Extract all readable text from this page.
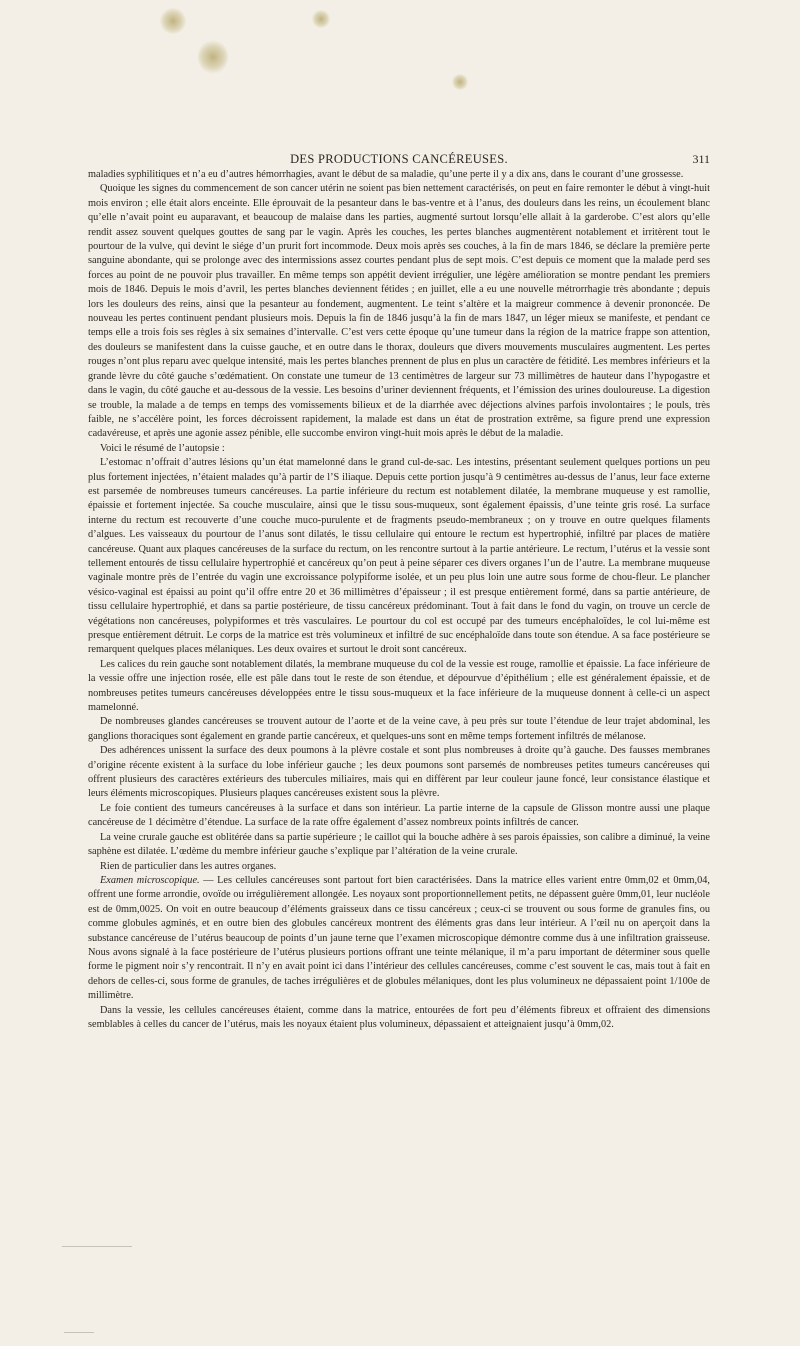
DES PRODUCTIONS CANCÉREUSES.	311

maladies syphilitiques et n’a eu d’autres hémorrhagies, avant le début de sa maladie, qu’une perte il y a dix ans, dans le courant d’une grossesse.

Quoique les signes du commencement de son cancer utérin ne soient pas bien nettement caractérisés, on peut en faire remonter le début à vingt-huit mois environ ; elle était alors enceinte. Elle éprouvait de la pesanteur dans le bas-ventre et à l’anus, des douleurs dans les reins, un écoulement blanc qu’elle n’avait point eu auparavant, et beaucoup de malaise dans les parties, augmenté surtout lorsqu’elle allait à la garderobe. C’est alors qu’elle rendit assez souvent quelques gouttes de sang par le vagin. Après les couches, les pertes blanches augmentèrent notablement et irritèrent tout le pourtour de la vulve, qui devint le siége d’un prurit fort incommode. Deux mois après ses couches, à la fin de mars 1846, se déclare la première perte sanguine abondante, qui se prolonge avec des intermissions assez courtes pendant plus de sept mois. C’est depuis ce moment que la malade perd ses forces au point de ne pouvoir plus travailler. En même temps son appétit devient irrégulier, une légère amélioration se montre pendant les premiers mois de 1846. Depuis le mois d’avril, les pertes blanches deviennent fétides ; en juillet, elle a eu une nouvelle métrorrhagie très abondante ; depuis lors les douleurs des reins, ainsi que la pesanteur au fondement, augmentent. Le teint s’altère et la maigreur commence à devenir prononcée. De nouveau les pertes continuent pendant plusieurs mois. Depuis la fin de 1846 jusqu’à la fin de mars 1847, un léger mieux se manifeste, et pendant ce temps elle a trois fois ses règles à six semaines d’intervalle. C’est vers cette époque qu’une tumeur dans la région de la matrice frappe son attention, des douleurs se manifestent dans la cuisse gauche, et en outre dans le thorax, douleurs que divers mouvements musculaires augmentent. Les pertes rouges n’ont plus reparu avec quelque intensité, mais les pertes blanches prennent de plus en plus un caractère de fétidité. Les membres inférieurs et la grande lèvre du côté gauche s’œdématient. On constate une tumeur de 13 centimètres de largeur sur 73 millimètres de hauteur dans l’hypogastre et dans le vagin, du côté gauche et au-dessous de la vessie. Les besoins d’uriner deviennent fréquents, et l’émission des urines douloureuse. La digestion se trouble, la malade a de temps en temps des vomissements bilieux et de la diarrhée avec déjections alvines parfois involontaires ; le pouls, très faible, ne s’accélère point, les forces décroissent rapidement, la malade est dans un état de prostration extrême, sa figure prend une expression cadavéreuse, et après une agonie assez pénible, elle succombe environ vingt-huit mois après le début de la maladie.

Voici le résumé de l’autopsie :

L’estomac n’offrait d’autres lésions qu’un état mamelonné dans le grand cul-de-sac. Les intestins, présentant seulement quelques portions un peu plus fortement injectées, n’étaient malades qu’à partir de l’S iliaque. Depuis cette portion jusqu’à 9 centimètres au-dessus de l’anus, leur face externe est parsemée de nombreuses tumeurs cancéreuses. La partie inférieure du rectum est notablement dilatée, la membrane muqueuse y est ramollie, épaissie et fortement injectée. Sa couche musculaire, ainsi que le tissu sous-muqueux, sont également épaissis, d’une teinte gris rosé. La surface interne du rectum est recouverte d’une couche muco-purulente et de fragments pseudo-membraneux ; on y trouve en outre quelques filaments d’algues. Les vaisseaux du pourtour de l’anus sont dilatés, le tissu cellulaire qui entoure le rectum est hypertrophié, infiltré par places de matière cancéreuse. Quant aux plaques cancéreuses de la surface du rectum, on les rencontre surtout à la partie antérieure. Le rectum, l’utérus et la vessie sont tellement entourés de tissu cellulaire hypertrophié et cancéreux qu’on peut à peine séparer ces divers organes l’un de l’autre. La membrane muqueuse vaginale montre près de l’entrée du vagin une excroissance polypiforme isolée, et un peu plus loin une autre sous forme de chou-fleur. Le plancher vésico-vaginal est épaissi au point qu’il offre entre 20 et 36 millimètres d’épaisseur ; il est presque entièrement formé, dans sa partie antérieure, de tissu cellulaire hypertrophié, et dans sa partie postérieure, de tissu cancéreux prédominant. Tout à fait dans le fond du vagin, on trouve un cercle de végétations non cancéreuses, polypiformes et très vasculaires. Le pourtour du col est occupé par des tumeurs encéphaloïdes, le col lui-même est presque entièrement détruit. Le corps de la matrice est très volumineux et infiltré de suc encéphaloïde dans toute son étendue. A sa face postérieure se remarquent quelques places mélaniques. Les deux ovaires et surtout le droit sont cancéreux.

Les calices du rein gauche sont notablement dilatés, la membrane muqueuse du col de la vessie est rouge, ramollie et épaissie. La face inférieure de la vessie offre une injection rosée, elle est pâle dans tout le reste de son étendue, et dépourvue d’épithélium ; elle est généralement épaissie, et de nombreuses petites tumeurs cancéreuses développées entre le tissu sous-muqueux et la face inférieure de la muqueuse donnent à celle-ci un aspect mamelonné.

De nombreuses glandes cancéreuses se trouvent autour de l’aorte et de la veine cave, à peu près sur toute l’étendue de leur trajet abdominal, les ganglions thoraciques sont également en grande partie cancéreux, et quelques-uns sont en même temps fortement infiltrés de mélanose.

Des adhérences unissent la surface des deux poumons à la plèvre costale et sont plus nombreuses à droite qu’à gauche. Des fausses membranes d’origine récente existent à la surface du lobe inférieur gauche ; les deux poumons sont parsemés de nombreuses petites tumeurs cancéreuses qui offrent plusieurs des caractères extérieurs des tubercules miliaires, mais qui en diffèrent par leur couleur jaune foncé, leur consistance élastique et leurs éléments microscopiques. Plusieurs plaques cancéreuses existent sous la plèvre.

Le foie contient des tumeurs cancéreuses à la surface et dans son intérieur. La partie interne de la capsule de Glisson montre aussi une plaque cancéreuse de 1 décimètre d’étendue. La surface de la rate offre également d’assez nombreux points infiltrés de cancer.

La veine crurale gauche est oblitérée dans sa partie supérieure ; le caillot qui la bouche adhère à ses parois épaissies, son calibre a diminué, la veine saphène est dilatée. L’œdème du membre inférieur gauche s’explique par l’altération de la veine crurale.

Rien de particulier dans les autres organes.

Examen microscopique. — Les cellules cancéreuses sont partout fort bien caractérisées. Dans la matrice elles varient entre 0mm,02 et 0mm,04, offrent une forme arrondie, ovoïde ou irrégulièrement allongée. Les noyaux sont proportionnellement petits, ne dépassent guère 0mm,01, leur nucléole est de 0mm,0025. On voit en outre beaucoup d’éléments graisseux dans ce tissu cancéreux ; ceux-ci se trouvent ou sous forme de granules fins, ou comme globules agminés, et en outre bien des globules cancéreux montrent des éléments gras dans leur intérieur. A l’œil nu on aperçoit dans la substance cancéreuse de l’utérus beaucoup de points d’un jaune terne que l’examen microscopique démontre comme dus à une infiltration graisseuse. Nous avons signalé à la face postérieure de l’utérus plusieurs portions offrant une teinte mélanique, il m’a paru important de déterminer sous quelle forme le pigment noir s’y rencontrait. Il n’y en avait point ici dans l’intérieur des cellules cancéreuses, comme c’est souvent le cas, mais tout à fait en dehors de celles-ci, sous forme de granules, de taches irrégulières et de globules mélaniques, dont les plus volumineux ne dépassaient point 1/100e de millimètre.

Dans la vessie, les cellules cancéreuses étaient, comme dans la matrice, entourées de fort peu d’éléments fibreux et offraient des dimensions semblables à celles du cancer de l’utérus, mais les noyaux étaient plus volumineux, dépassaient et atteignaient jusqu’à 0mm,02.
